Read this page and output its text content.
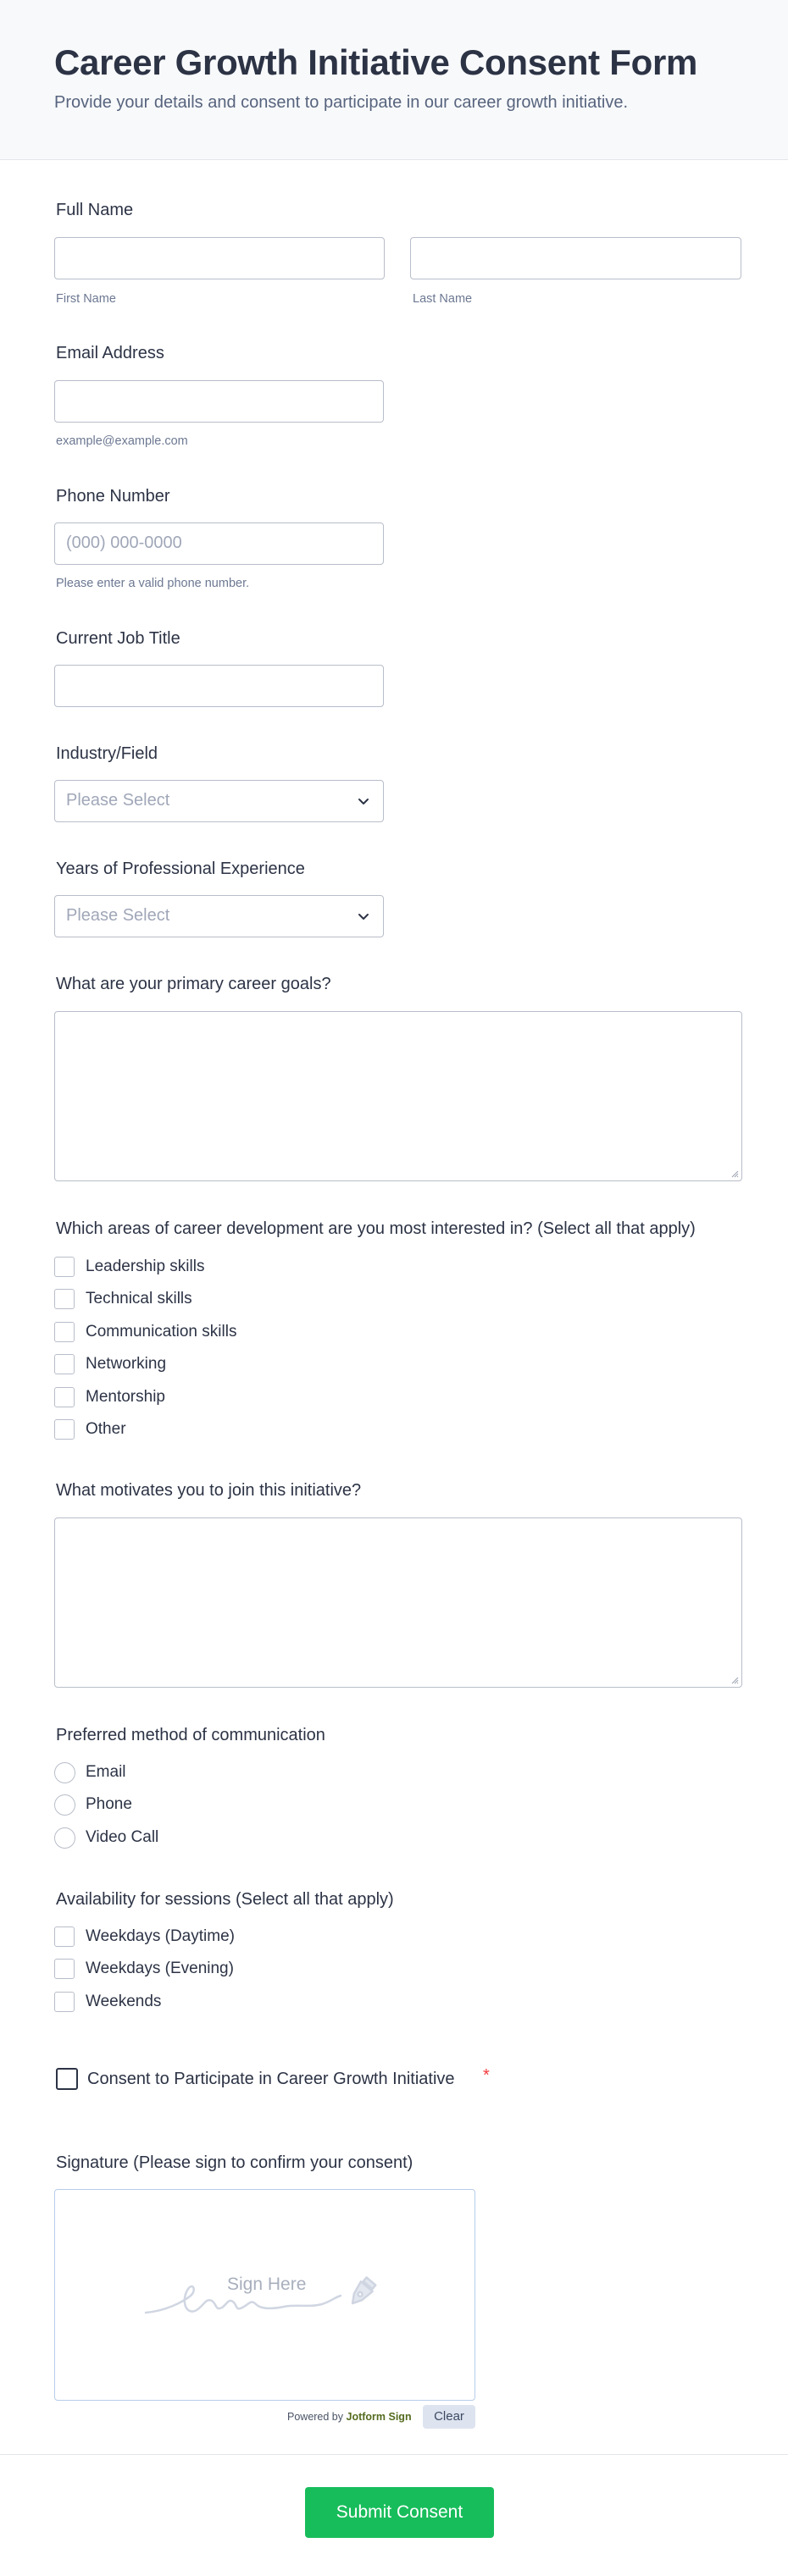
Career Growth Initiative Consent Form

Provide your details and consent to participate in our career growth initiative.

Full Name
First Name	Last Name
Email Address
example@example.com
Phone Number
(000) 000-0000
Please enter a valid phone number.
Current Job Title
Industry/Field
Please Select
Years of Professional Experience
Please Select
What are your primary career goals?
Which areas of career development are you most interested in? (Select all that apply)
Leadership skills
Technical skills
Communication skills
Networking
Mentorship
Other
What motivates you to join this initiative?
Preferred method of communication
Email
Phone
Video Call
Availability for sessions (Select all that apply)
Weekdays (Daytime)
Weekdays (Evening)
Weekends
Consent to Participate in Career Growth Initiative *
Signature (Please sign to confirm your consent)
Sign Here
Powered by Jotform Sign	Clear
Submit Consent
